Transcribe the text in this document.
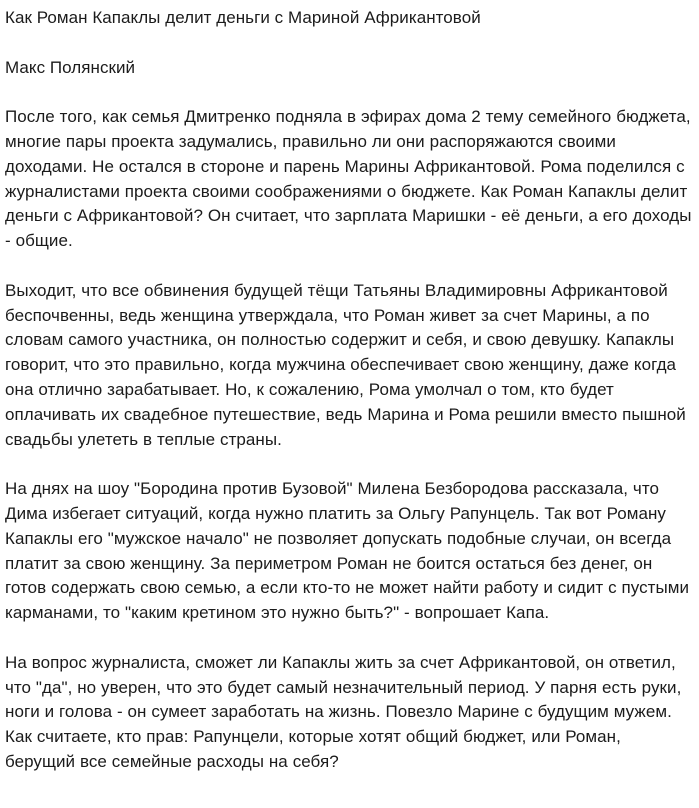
Как Роман Капаклы делит деньги с Мариной Африкантовой
Макс Полянский

После того, как семья Дмитренко подняла в эфирах дома 2 тему семейного бюджета, многие пары проекта задумались, правильно ли они распоряжаются своими доходами. Не остался в стороне и парень Марины Африкантовой. Рома поделился с журналистами проекта своими соображениями о бюджете. Как Роман Капаклы делит деньги с Африкантовой? Он считает, что зарплата Маришки - её деньги, а его доходы - общие.

Выходит, что все обвинения будущей тёщи Татьяны Владимировны Африкантовой беспочвенны, ведь женщина утверждала, что Роман живет за счет Марины, а по словам самого участника, он полностью содержит и себя, и свою девушку. Капаклы говорит, что это правильно, когда мужчина обеспечивает свою женщину, даже когда она отлично зарабатывает. Но, к сожалению, Рома умолчал о том, кто будет оплачивать их свадебное путешествие, ведь Марина и Рома решили вместо пышной свадьбы улететь в теплые страны.

На днях на шоу "Бородина против Бузовой" Милена Безбородова рассказала, что Дима избегает ситуаций, когда нужно платить за Ольгу Рапунцель. Так вот Роману Капаклы его "мужское начало" не позволяет допускать подобные случаи, он всегда платит за свою женщину. За периметром Роман не боится остаться без денег, он готов содержать свою семью, а если кто-то не может найти работу и сидит с пустыми карманами, то "каким кретином это нужно быть?" - вопрошает Капа.

На вопрос журналиста, сможет ли Капаклы жить за счет Африкантовой, он ответил, что "да", но уверен, что это будет самый незначительный период. У парня есть руки, ноги и голова - он сумеет заработать на жизнь. Повезло Марине с будущим мужем. Как считаете, кто прав: Рапунцели, которые хотят общий бюджет, или Роман, берущий все семейные расходы на себя?
